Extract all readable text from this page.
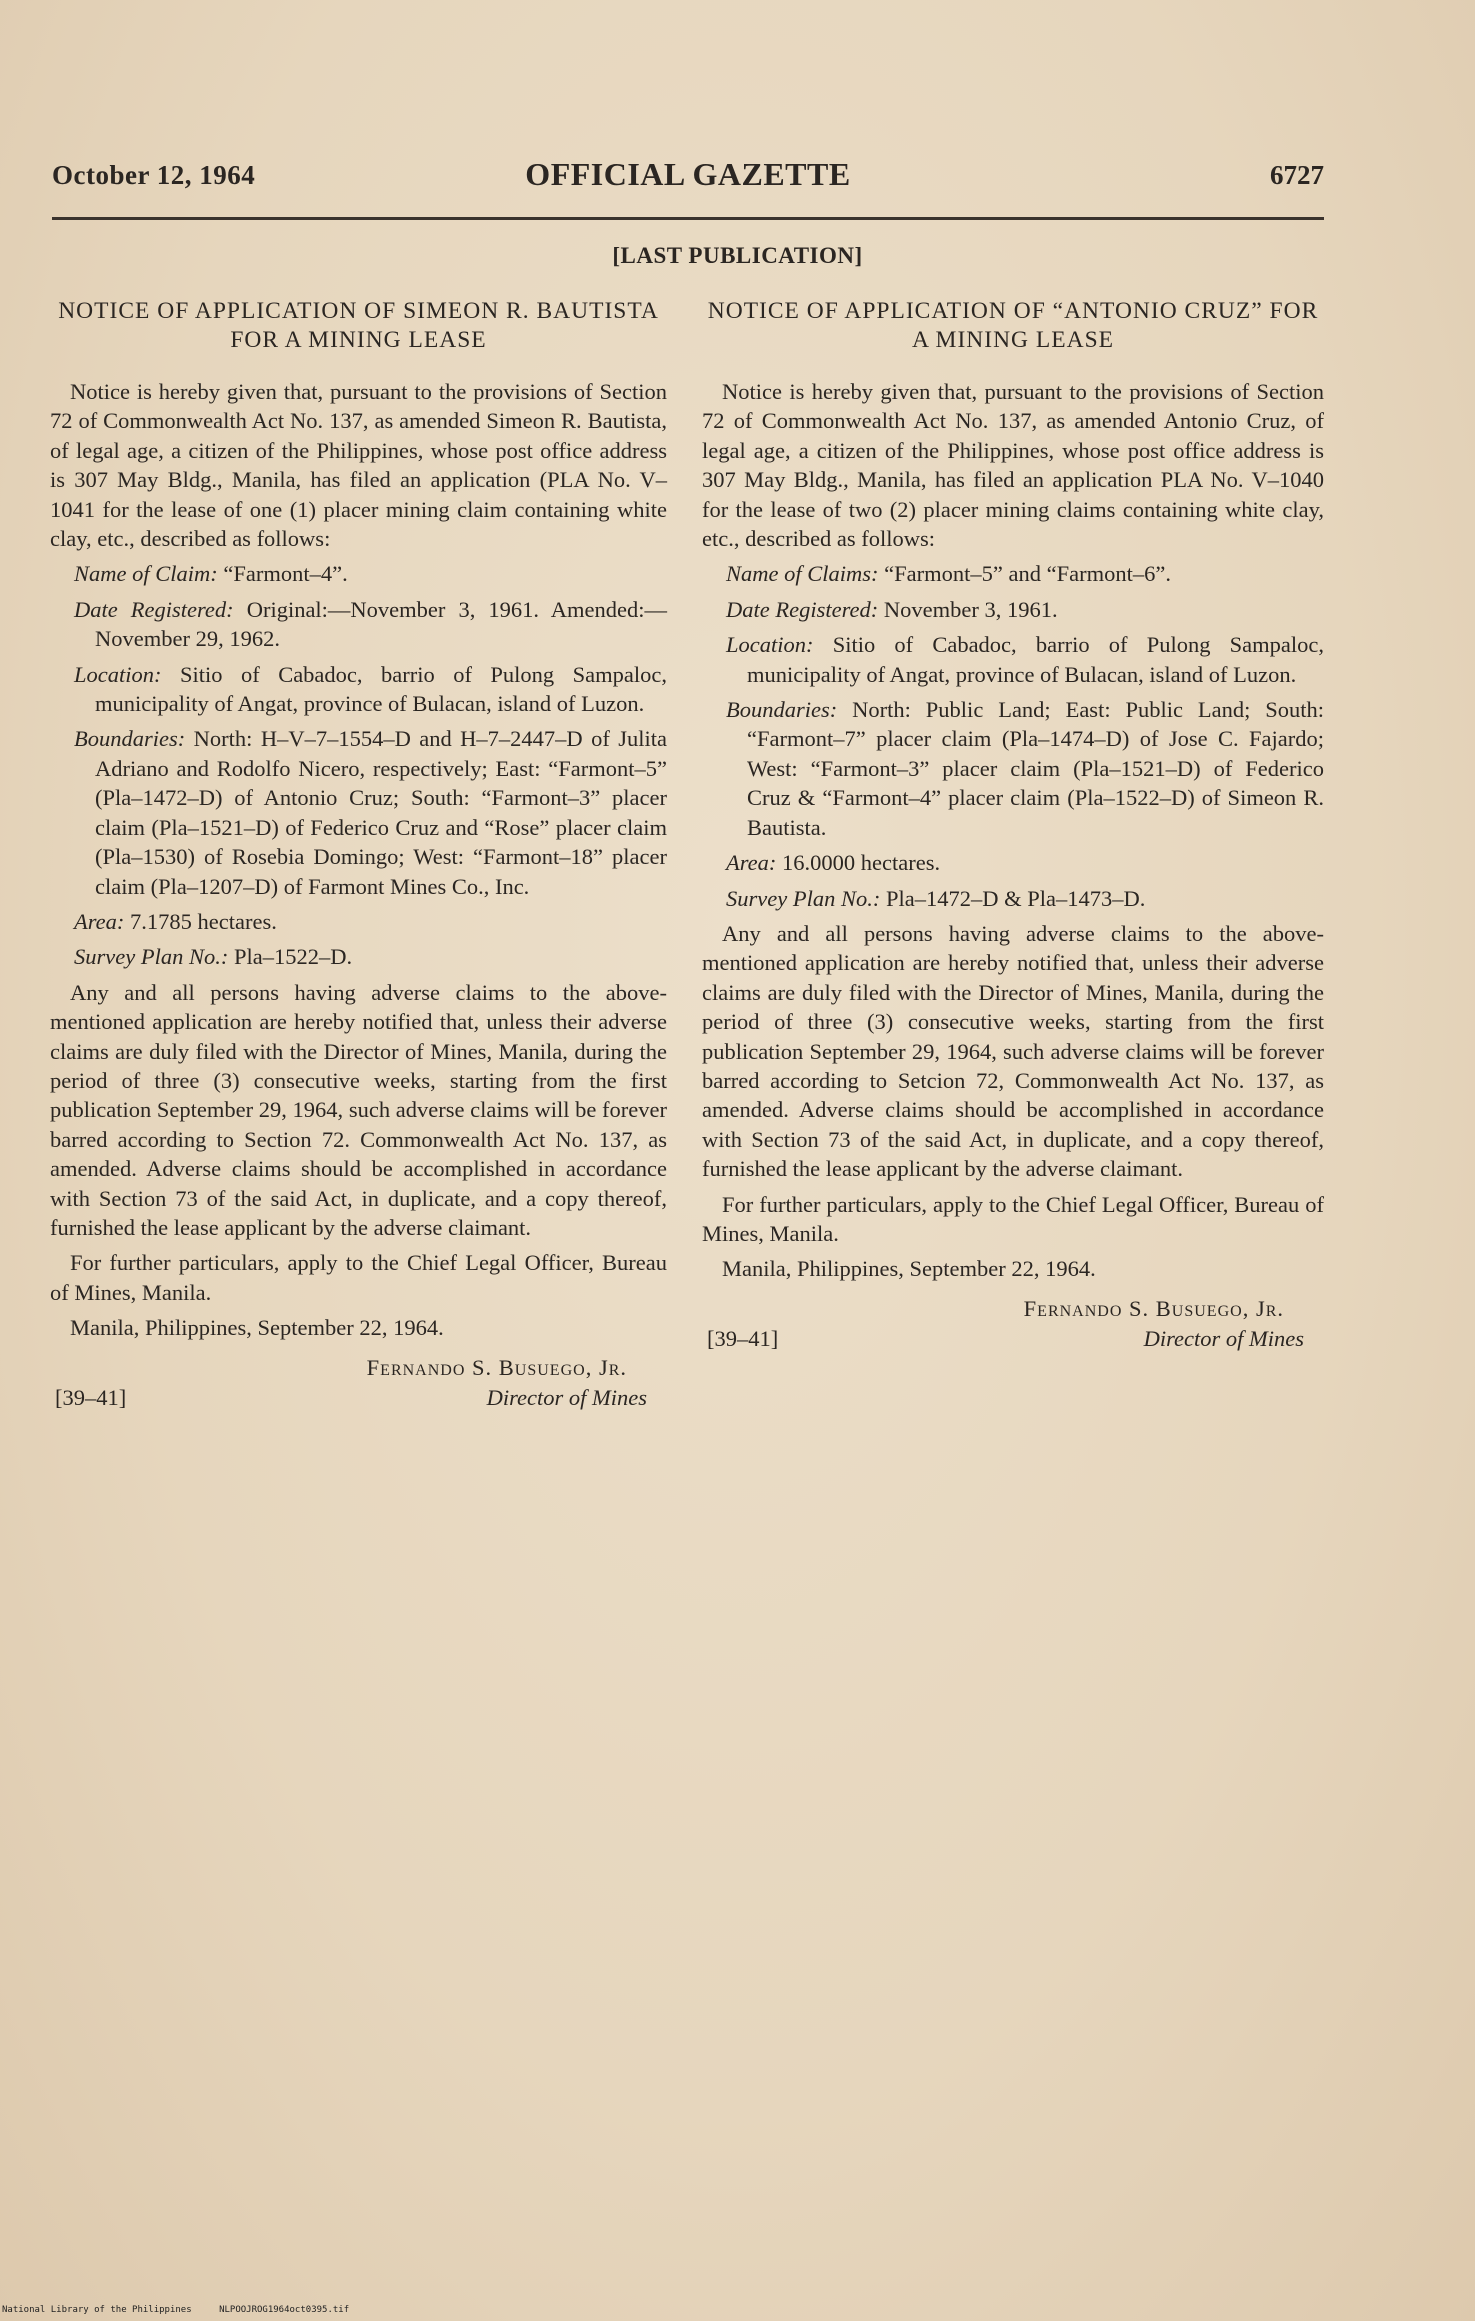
October 12, 1964	OFFICIAL GAZETTE	6727
[LAST PUBLICATION]
NOTICE OF APPLICATION OF SIMEON R. BAUTISTA FOR A MINING LEASE

Notice is hereby given that, pursuant to the provisions of Section 72 of Commonwealth Act No. 137, as amended Simeon R. Bautista, of legal age, a citizen of the Philippines, whose post office address is 307 May Bldg., Manila, has filed an application (PLA No. V–1041 for the lease of one (1) placer mining claim containing white clay, etc., described as follows:

Name of Claim: “Farmont–4”.

Date Registered: Original:—November 3, 1961. Amended:—November 29, 1962.

Location: Sitio of Cabadoc, barrio of Pulong Sampaloc, municipality of Angat, province of Bulacan, island of Luzon.

Boundaries: North: H–V–7–1554–D and H–7–2447–D of Julita Adriano and Rodolfo Nicero, respectively; East: “Farmont–5” (Pla–1472–D) of Antonio Cruz; South: “Farmont–3” placer claim (Pla–1521–D) of Federico Cruz and “Rose” placer claim (Pla–1530) of Rosebia Domingo; West: “Farmont–18” placer claim (Pla–1207–D) of Farmont Mines Co., Inc.

Area: 7.1785 hectares.

Survey Plan No.: Pla–1522–D.

Any and all persons having adverse claims to the above-mentioned application are hereby notified that, unless their adverse claims are duly filed with the Director of Mines, Manila, during the period of three (3) consecutive weeks, starting from the first publication September 29, 1964, such adverse claims will be forever barred according to Section 72. Commonwealth Act No. 137, as amended. Adverse claims should be accomplished in accordance with Section 73 of the said Act, in duplicate, and a copy thereof, furnished the lease applicant by the adverse claimant.

For further particulars, apply to the Chief Legal Officer, Bureau of Mines, Manila.

Manila, Philippines, September 22, 1964.

Fernando S. Busuego, Jr.
[39–41]	Director of Mines
NOTICE OF APPLICATION OF “ANTONIO CRUZ” FOR A MINING LEASE

Notice is hereby given that, pursuant to the provisions of Section 72 of Commonwealth Act No. 137, as amended Antonio Cruz, of legal age, a citizen of the Philippines, whose post office address is 307 May Bldg., Manila, has filed an application PLA No. V–1040 for the lease of two (2) placer mining claims containing white clay, etc., described as follows:

Name of Claims: “Farmont–5” and “Farmont–6”.

Date Registered: November 3, 1961.

Location: Sitio of Cabadoc, barrio of Pulong Sampaloc, municipality of Angat, province of Bulacan, island of Luzon.

Boundaries: North: Public Land; East: Public Land; South: “Farmont–7” placer claim (Pla–1474–D) of Jose C. Fajardo; West: “Farmont–3” placer claim (Pla–1521–D) of Federico Cruz & “Farmont–4” placer claim (Pla–1522–D) of Simeon R. Bautista.

Area: 16.0000 hectares.

Survey Plan No.: Pla–1472–D & Pla–1473–D.

Any and all persons having adverse claims to the above-mentioned application are hereby notified that, unless their adverse claims are duly filed with the Director of Mines, Manila, during the period of three (3) consecutive weeks, starting from the first publication September 29, 1964, such adverse claims will be forever barred according to Setcion 72, Commonwealth Act No. 137, as amended. Adverse claims should be accomplished in accordance with Section 73 of the said Act, in duplicate, and a copy thereof, furnished the lease applicant by the adverse claimant.

For further particulars, apply to the Chief Legal Officer, Bureau of Mines, Manila.

Manila, Philippines, September 22, 1964.

Fernando S. Busuego, Jr.
[39–41]	Director of Mines
National Library of the Philippines	NLPOOJROG1964oct0395.tif
